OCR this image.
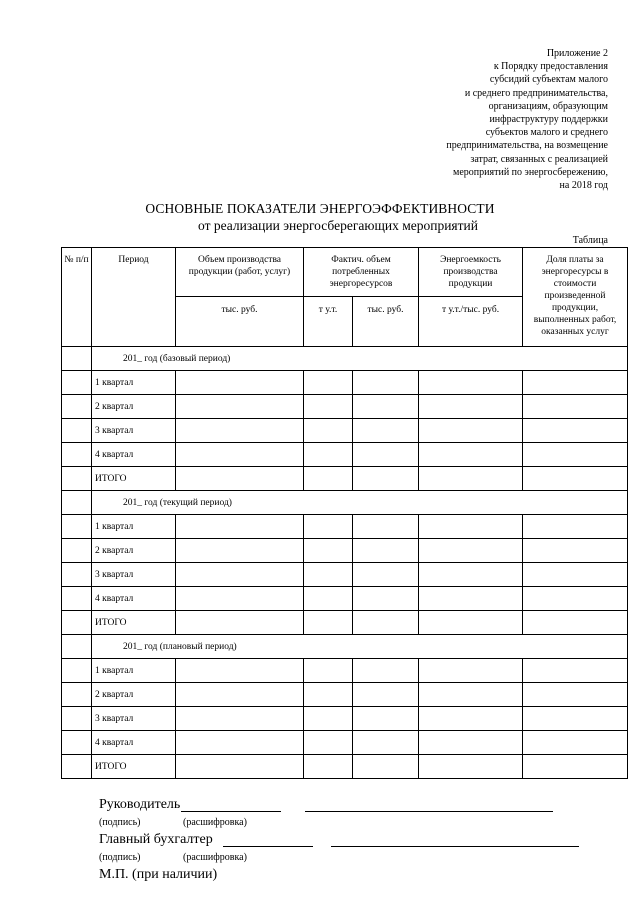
Приложение 2
к Порядку предоставления
субсидий субъектам малого
и среднего предпринимательства,
организациям, образующим
инфраструктуру поддержки
субъектов малого и среднего
предпринимательства, на возмещение
затрат, связанных с реализацией
мероприятий по энергосбережению,
на 2018 год
ОСНОВНЫЕ ПОКАЗАТЕЛИ ЭНЕРГОЭФФЕКТИВНОСТИ
от реализации энергосберегающих мероприятий
Таблица
№ п/п	Период	Объем производства продукции (работ, услуг)	Фактич. объем потребленных энергоресурсов		Энергоемкость производства продукции	Доля платы за энергоресурсы в стоимости произведенной продукции, выполненных работ, оказанных услуг
		тыс. руб.	т у.т.	тыс. руб.	т у.т./тыс. руб.	
	201_ год (базовый период)					
	1 квартал					
	2 квартал					
	3 квартал					
	4 квартал					
	ИТОГО					
	201_ год (текущий период)					
	1 квартал					
	2 квартал					
	3 квартал					
	4 квартал					
	ИТОГО					
	201_ год (плановый период)					
	1 квартал					
	2 квартал					
	3 квартал					
	4 квартал					
	ИТОГО					
Руководитель
(подпись)	(расшифровка)
Главный бухгалтер
(подпись)	(расшифровка)
М.П. (при наличии)
